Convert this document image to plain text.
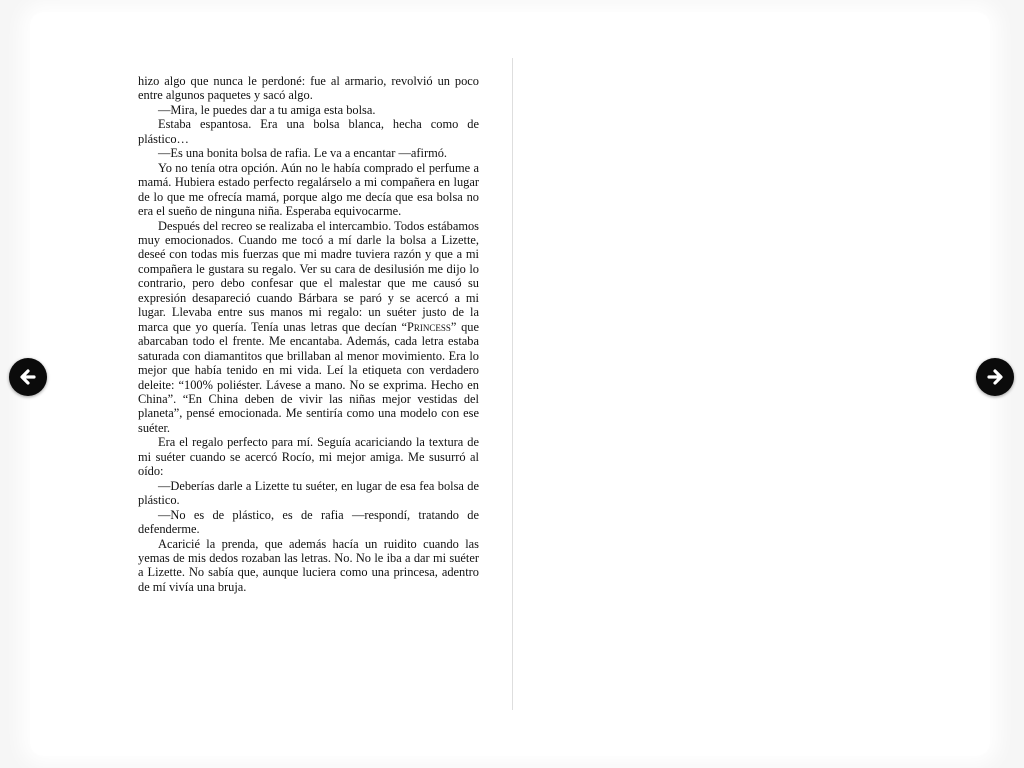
hizo algo que nunca le perdoné: fue al armario, revolvió un poco entre algunos paquetes y sacó algo.

—Mira, le puedes dar a tu amiga esta bolsa.

Estaba espantosa. Era una bolsa blanca, hecha como de plástico…

—Es una bonita bolsa de rafia. Le va a encantar —afirmó.

Yo no tenía otra opción. Aún no le había comprado el perfume a mamá. Hubiera estado perfecto regalárselo a mi compañera en lugar de lo que me ofrecía mamá, porque algo me decía que esa bolsa no era el sueño de ninguna niña. Esperaba equivocarme.

Después del recreo se realizaba el intercambio. Todos estábamos muy emocionados. Cuando me tocó a mí darle la bolsa a Lizette, deseé con todas mis fuerzas que mi madre tuviera razón y que a mi compañera le gustara su regalo. Ver su cara de desilusión me dijo lo contrario, pero debo confesar que el malestar que me causó su expresión desapareció cuando Bárbara se paró y se acercó a mi lugar. Llevaba entre sus manos mi regalo: un suéter justo de la marca que yo quería. Tenía unas letras que decían “Princess” que abarcaban todo el frente. Me encantaba. Además, cada letra estaba saturada con diamantitos que brillaban al menor movimiento. Era lo mejor que había tenido en mi vida. Leí la etiqueta con verdadero deleite: “100% poliéster. Lávese a mano. No se exprima. Hecho en China”. “En China deben de vivir las niñas mejor vestidas del planeta”, pensé emocionada. Me sentiría como una modelo con ese suéter.

Era el regalo perfecto para mí. Seguía acariciando la textura de mi suéter cuando se acercó Rocío, mi mejor amiga. Me susurró al oído:

—Deberías darle a Lizette tu suéter, en lugar de esa fea bolsa de plástico.

—No es de plástico, es de rafia —respondí, tratando de defenderme.

Acaricié la prenda, que además hacía un ruidito cuando las yemas de mis dedos rozaban las letras. No. No le iba a dar mi suéter a Lizette. No sabía que, aunque luciera como una princesa, adentro de mí vivía una bruja.
